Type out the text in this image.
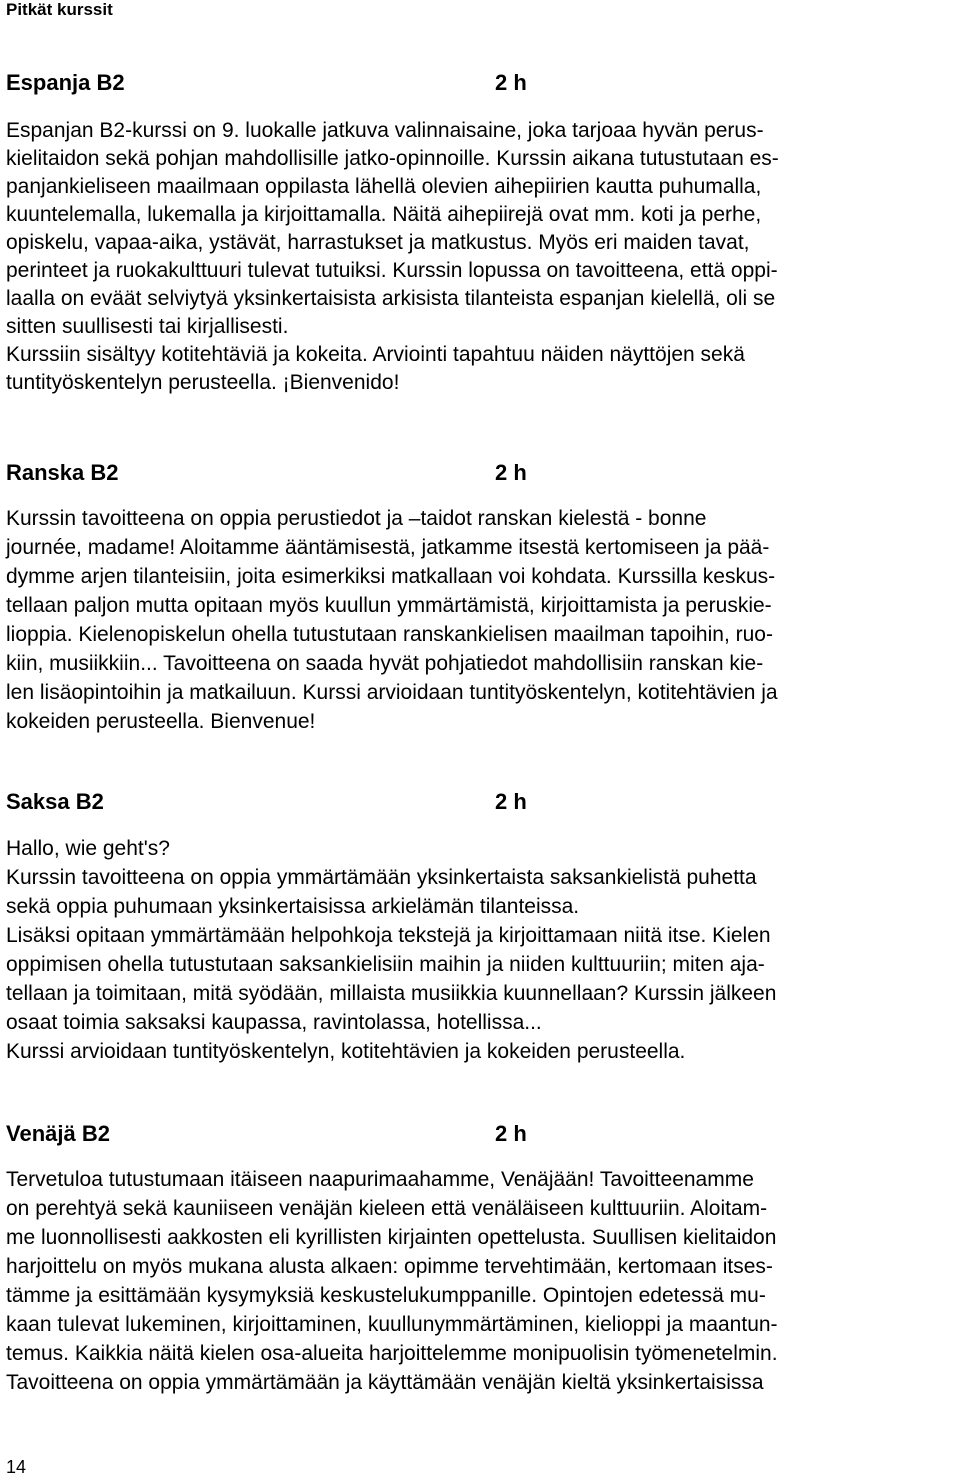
Pitkät kurssit
Espanja B2	2 h
Espanjan B2-kurssi on 9. luokalle jatkuva valinnaisaine, joka tarjoaa hyvän perus-
kielitaidon sekä pohjan mahdollisille jatko-opinnoille. Kurssin aikana tutustutaan es-
panjankieliseen maailmaan oppilasta lähellä olevien aihepiirien kautta puhumalla,
kuuntelemalla, lukemalla ja kirjoittamalla. Näitä aihepiirejä ovat mm. koti ja perhe,
opiskelu, vapaa-aika, ystävät, harrastukset ja matkustus. Myös eri maiden tavat,
perinteet ja ruokakulttuuri tulevat tutuiksi. Kurssin lopussa on tavoitteena, että oppi-
laalla on eväät selviytyä yksinkertaisista arkisista tilanteista espanjan kielellä, oli se
sitten suullisesti tai kirjallisesti.
Kurssiin sisältyy kotitehtäviä ja kokeita. Arviointi tapahtuu näiden näyttöjen sekä
tuntityöskentelyn perusteella. ¡Bienvenido!
Ranska B2	2 h
Kurssin tavoitteena on oppia perustiedot ja –taidot ranskan kielestä - bonne
journée, madame! Aloitamme ääntämisestä, jatkamme itsestä kertomiseen ja pää-
dymme arjen tilanteisiin, joita esimerkiksi matkallaan voi kohdata. Kurssilla keskus-
tellaan paljon mutta opitaan myös kuullun ymmärtämistä, kirjoittamista ja peruskie-
lioppia. Kielenopiskelun ohella tutustutaan ranskankielisen maailman tapoihin, ruo-
kiin, musiikkiin... Tavoitteena on saada hyvät pohjatiedot mahdollisiin ranskan kie-
len lisäopintoihin ja matkailuun. Kurssi arvioidaan tuntityöskentelyn, kotitehtävien ja
kokeiden perusteella. Bienvenue!
Saksa B2	2 h
Hallo, wie geht's?
Kurssin tavoitteena on oppia ymmärtämään yksinkertaista saksankielistä puhetta
sekä oppia puhumaan yksinkertaisissa arkielämän tilanteissa.
Lisäksi opitaan ymmärtämään helpohkoja tekstejä ja kirjoittamaan niitä itse. Kielen
oppimisen ohella tutustutaan saksankielisiin maihin ja niiden kulttuuriin; miten aja-
tellaan ja toimitaan, mitä syödään, millaista musiikkia kuunnellaan? Kurssin jälkeen
osaat toimia saksaksi kaupassa, ravintolassa, hotellissa...
Kurssi arvioidaan tuntityöskentelyn, kotitehtävien ja kokeiden perusteella.
Venäjä B2	2 h
Tervetuloa tutustumaan itäiseen naapurimaahamme, Venäjään! Tavoitteenamme
on perehtyä sekä kauniiseen venäjän kieleen että venäläiseen kulttuuriin. Aloitam-
me luonnollisesti aakkosten eli kyrillisten kirjainten opettelusta. Suullisen kielitaidon
harjoittelu on myös mukana alusta alkaen: opimme tervehtimään, kertomaan itses-
tämme ja esittämään kysymyksiä keskustelukumppanille. Opintojen edetessä mu-
kaan tulevat lukeminen, kirjoittaminen, kuullunymmärtäminen, kielioppi ja maantun-
temus. Kaikkia näitä kielen osa-alueita harjoittelemme monipuolisin työmenetelmin.
Tavoitteena on oppia ymmärtämään ja käyttämään venäjän kieltä yksinkertaisissa
14
